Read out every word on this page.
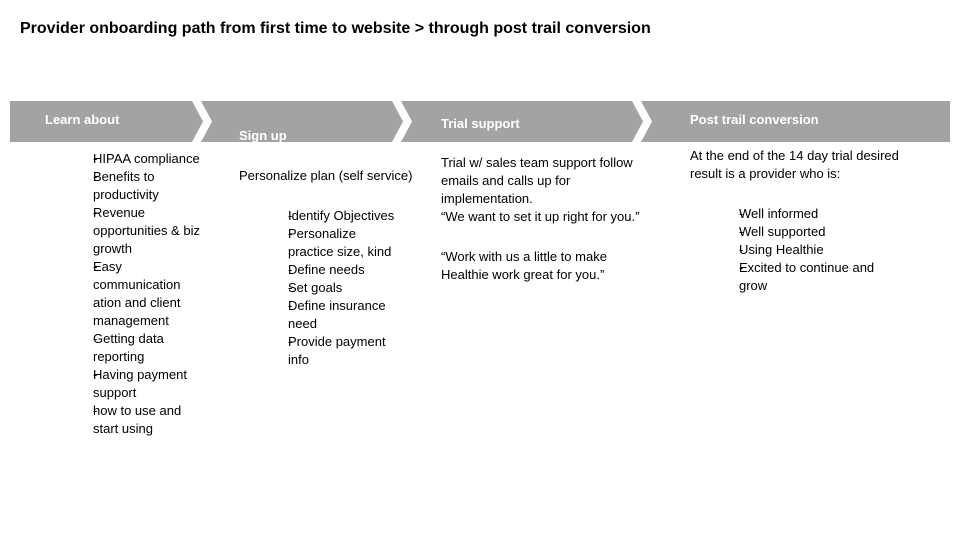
Provider onboarding path from first time to website > through post trail conversion
Learn about
Sign up
Trial support	Post trail conversion
- HIPAA compliance
- Benefits to productivity
- Revenue opportunities & biz growth
- Easy communication ation and client management
- Getting data reporting
- Having payment support
- how to use and start using

Personalize plan (self service)

- Identify Objectives
- Personalize practice size, kind
- Define needs
- Set goals
- Define insurance need
- Provide payment info

Trial w/ sales team support follow emails and calls up for implementation.

“We want to set it up right for you.”

“Work with us a little to make Healthie work great for you.”

At the end of the 14 day trial desired result is a provider who is:

- Well informed
- Well supported
- Using Healthie
- Excited to continue and grow
